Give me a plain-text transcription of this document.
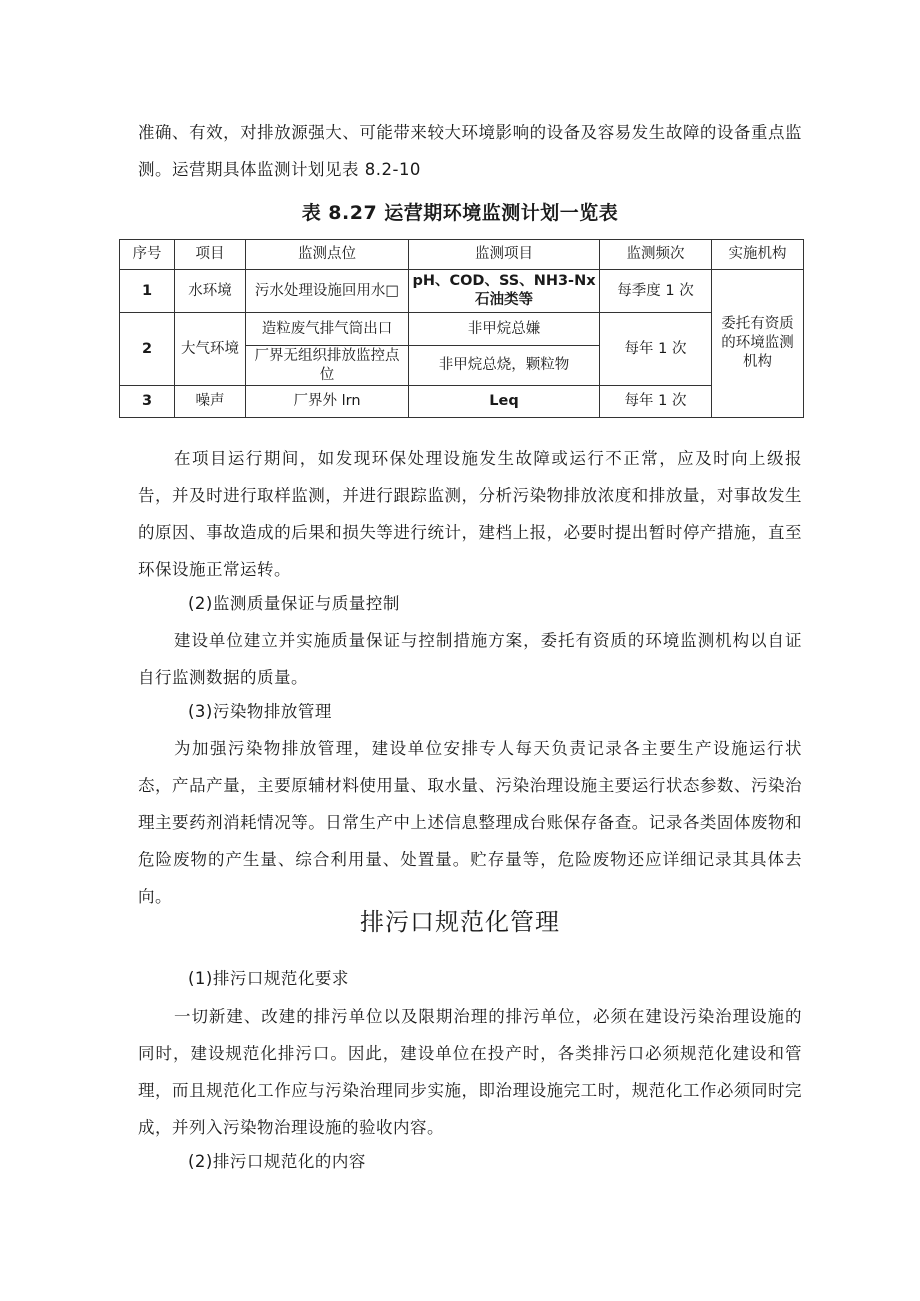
准确、有效，对排放源强大、可能带来较大环境影响的设备及容易发生故障的设备重点监测。运营期具体监测计划见表 8.2-10

表 8.27 运营期环境监测计划一览表

序号	项目	监测点位	监测项目	监测频次	实施机构
1	水环境	污水处理设施回用水□	pH、COD、SS、NH3-Nx石油类等	每季度 1 次	委托有资质的环境监测机构
2	大气环境	造粒废气排气筒出口	非甲烷总嫌	每年 1 次	
		厂界无组织排放监控点位	非甲烷总烧，颗粒物		
3	噪声	厂界外 lrn	Leq	每年 1 次	

在项目运行期间，如发现环保处理设施发生故障或运行不正常，应及时向上级报告，并及时进行取样监测，并进行跟踪监测，分析污染物排放浓度和排放量，对事故发生的原因、事故造成的后果和损失等进行统计，建档上报，必要时提出暂时停产措施，直至环保设施正常运转。

(2)监测质量保证与质量控制

建设单位建立并实施质量保证与控制措施方案，委托有资质的环境监测机构以自证自行监测数据的质量。

(3)污染物排放管理

为加强污染物排放管理，建设单位安排专人每天负责记录各主要生产设施运行状态，产品产量，主要原辅材料使用量、取水量、污染治理设施主要运行状态参数、污染治理主要药剂消耗情况等。日常生产中上述信息整理成台账保存备查。记录各类固体废物和危险废物的产生量、综合利用量、处置量。贮存量等，危险废物还应详细记录其具体去向。

排污口规范化管理

(1)排污口规范化要求

一切新建、改建的排污单位以及限期治理的排污单位，必须在建设污染治理设施的同时，建设规范化排污口。因此，建设单位在投产时，各类排污口必须规范化建设和管理，而且规范化工作应与污染治理同步实施，即治理设施完工时，规范化工作必须同时完成，并列入污染物治理设施的验收内容。

(2)排污口规范化的内容
